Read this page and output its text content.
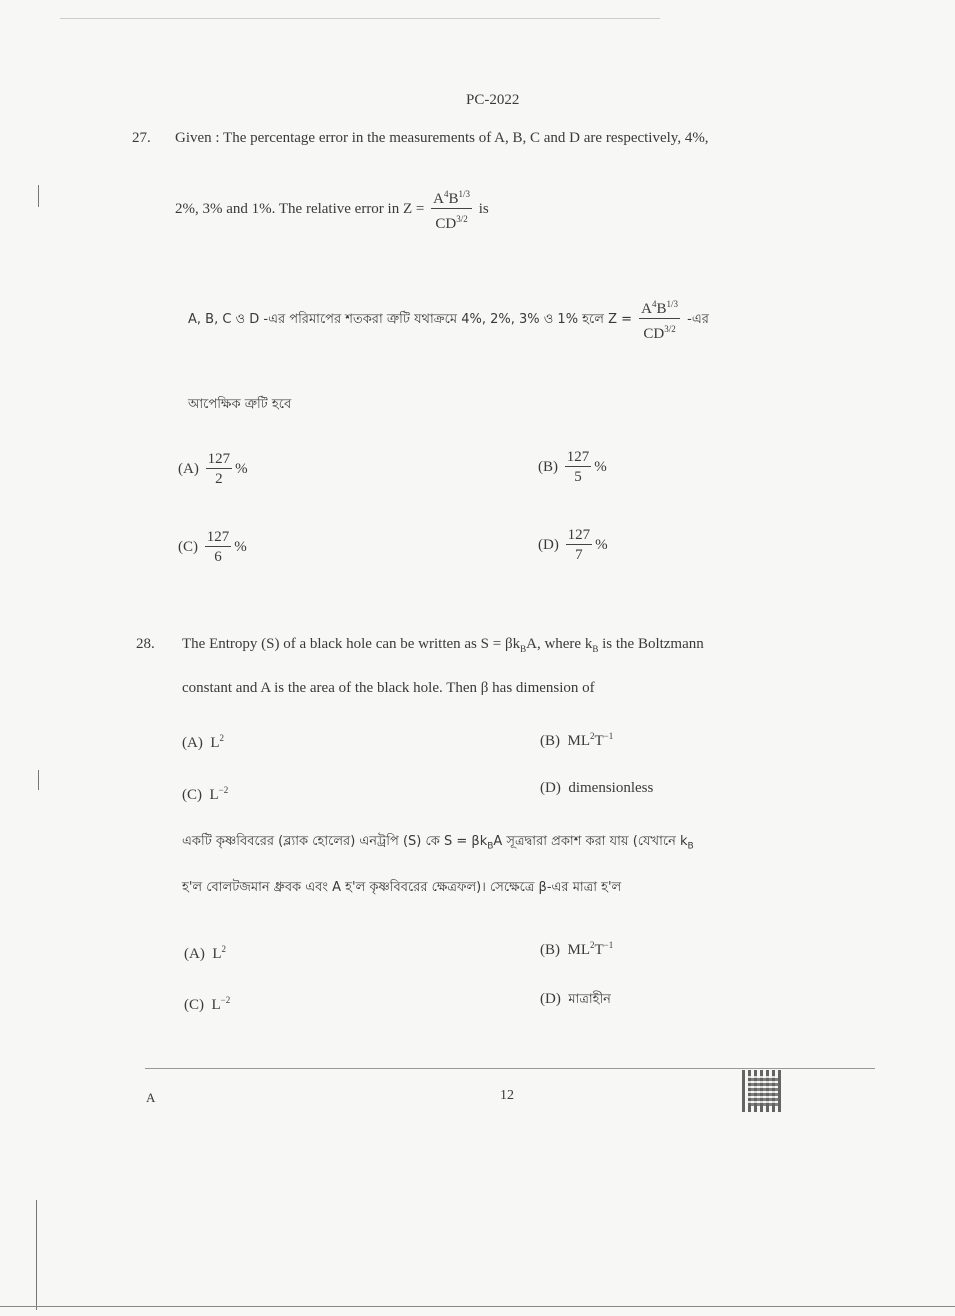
PC-2022
27. Given : The percentage error in the measurements of A, B, C and D are respectively, 4%,
2%, 3% and 1%. The relative error in $Z = \frac{A^4B^{1/3}}{CD^{3/2}}$ is
A, B, C ও D -এর পরিমাপের শতকরা ত্রুটি যথাক্রমে 4%, 2%, 3% ও 1% হলে $Z = \frac{A^4B^{1/3}}{CD^{3/2}}$ -এর
আপেক্ষিক ত্রুটি হবে
$(A) \frac{127}{2}$ %	$(B) \frac{127}{5}$ %
$(C) \frac{127}{6}$ %	$(D) \frac{127}{7}$ %
28. The Entropy (S) of a black hole can be written as $S = \beta k_BA$, where $k_B$ is the Boltzmann
constant and A is the area of the black hole. Then β has dimension of
(A) $L^2$	(B) $ML^2T^{-1}$
(C) $L^{-2}$	(D) dimensionless
একটি কৃষ্ণবিবরের (ব্ল্যাক হোলের) এনট্রপি (S) কে $S = \beta k_BA$ সূত্রদ্বারা প্রকাশ করা যায় (যেখানে $k_B$
হ'ল বোলটজমান ধ্রুবক এবং A হ'ল কৃষ্ণবিবরের ক্ষেত্রফল)। সেক্ষেত্রে β-এর মাত্রা হ'ল
(A) $L^2$	(B) $ML^2T^{-1}$
(C) $L^{-2}$	(D) মাত্রাহীন
A	12
